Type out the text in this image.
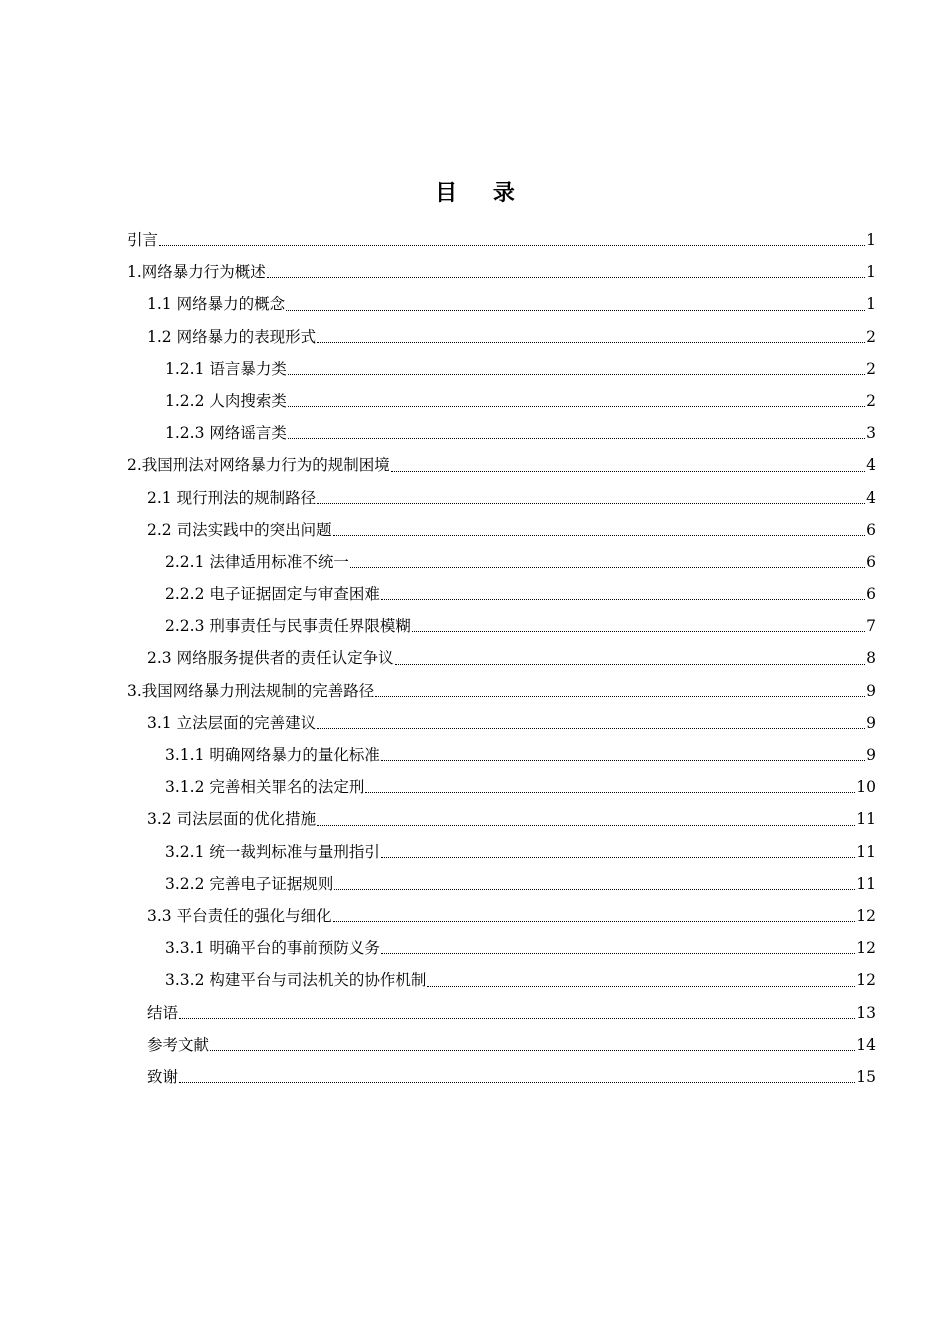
目 录
引言	1
1.网络暴力行为概述	1
1.1 网络暴力的概念	1
1.2 网络暴力的表现形式	2
1.2.1 语言暴力类	2
1.2.2 人肉搜索类	2
1.2.3 网络谣言类	3
2.我国刑法对网络暴力行为的规制困境	4
2.1 现行刑法的规制路径	4
2.2 司法实践中的突出问题	6
2.2.1 法律适用标准不统一	6
2.2.2 电子证据固定与审查困难	6
2.2.3 刑事责任与民事责任界限模糊	7
2.3 网络服务提供者的责任认定争议	8
3.我国网络暴力刑法规制的完善路径	9
3.1 立法层面的完善建议	9
3.1.1 明确网络暴力的量化标准	9
3.1.2 完善相关罪名的法定刑	10
3.2 司法层面的优化措施	11
3.2.1 统一裁判标准与量刑指引	11
3.2.2 完善电子证据规则	11
3.3 平台责任的强化与细化	12
3.3.1 明确平台的事前预防义务	12
3.3.2 构建平台与司法机关的协作机制	12
结语	13
参考文献	14
致谢	15
